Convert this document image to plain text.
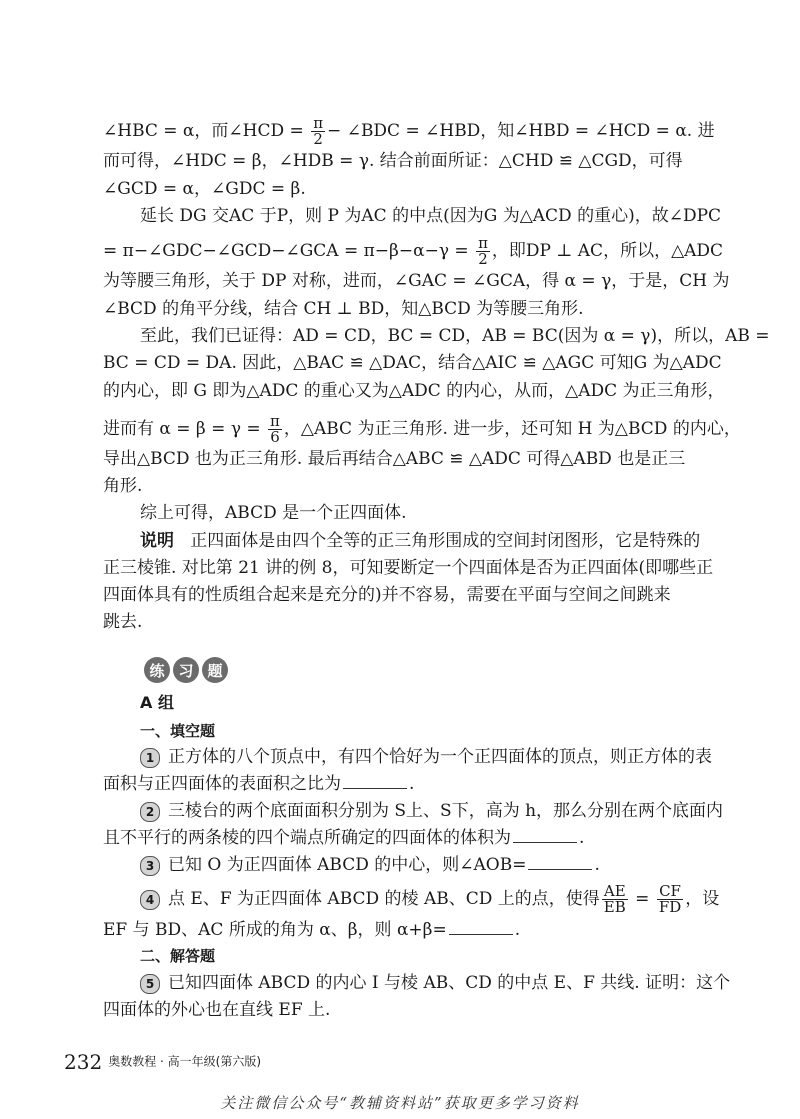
∠HBC = α，而∠HCD = $\frac{\pi}{2}$ − ∠BDC = ∠HBD，知∠HBD = ∠HCD = α. 进
而可得，∠HDC = β，∠HDB = γ. 结合前面所证：△CHD ≌ △CGD，可得
∠GCD = α，∠GDC = β.
延长 DG 交AC 于P，则 P 为AC 的中点(因为G 为△ACD 的重心)，故∠DPC
= π−∠GDC−∠GCD−∠GCA = $\pi-\beta-\alpha-\gamma = \frac{\pi}{2}$ ，即DP ⊥ AC，所以，△ADC
为等腰三角形，关于 DP 对称，进而，∠GAC = ∠GCA，得 α = γ，于是，CH 为
∠BCD 的角平分线，结合 CH ⊥ BD，知△BCD 为等腰三角形.
至此，我们已证得：AD = CD，BC = CD，AB = BC(因为 α = γ)，所以，AB =
BC = CD = DA. 因此，△BAC ≌ △DAC，结合△AIC ≌ △AGC 可知G 为△ADC
的内心，即 G 即为△ADC 的重心又为△ADC 的内心，从而，△ADC 为正三角形，
进而有 $\alpha = \beta = \gamma = \frac{\pi}{6}$ ，△ABC 为正三角形. 进一步，还可知 H 为△BCD 的内心，
导出△BCD 也为正三角形. 最后再结合△ABC ≌ △ADC 可得△ABD 也是正三
角形.
综上可得，ABCD 是一个正四面体.
说明 正四面体是由四个全等的正三角形围成的空间封闭图形，它是特殊的
正三棱锥. 对比第 21 讲的例 8，可知要断定一个四面体是否为正四面体(即哪些正
四面体具有的性质组合起来是充分的)并不容易，需要在平面与空间之间跳来
跳去.
练 习 题
A 组
一、填空题
1 正方体的八个顶点中，有四个恰好为一个正四面体的顶点，则正方体的表
面积与正四面体的表面积之比为	.
2 三棱台的两个底面面积分别为 S上、S下，高为 h，那么分别在两个底面内
且不平行的两条棱的四个端点所确定的四面体的体积为	.
3 已知 O 为正四面体 ABCD 的中心，则∠AOB=	.
4 点 E、F 为正四面体 ABCD 的棱 AB、CD 上的点，使得 $\frac{AE}{EB} = \frac{CF}{FD}$ ，设
EF 与 BD、AC 所成的角为 α、β，则 α+β=	.
二、解答题
5 已知四面体 ABCD 的内心 I 与棱 AB、CD 的中点 E、F 共线. 证明：这个
四面体的外心也在直线 EF 上.
232 奥数教程 · 高一年级(第六版)
关注微信公众号“教辅资料站”获取更多学习资料
